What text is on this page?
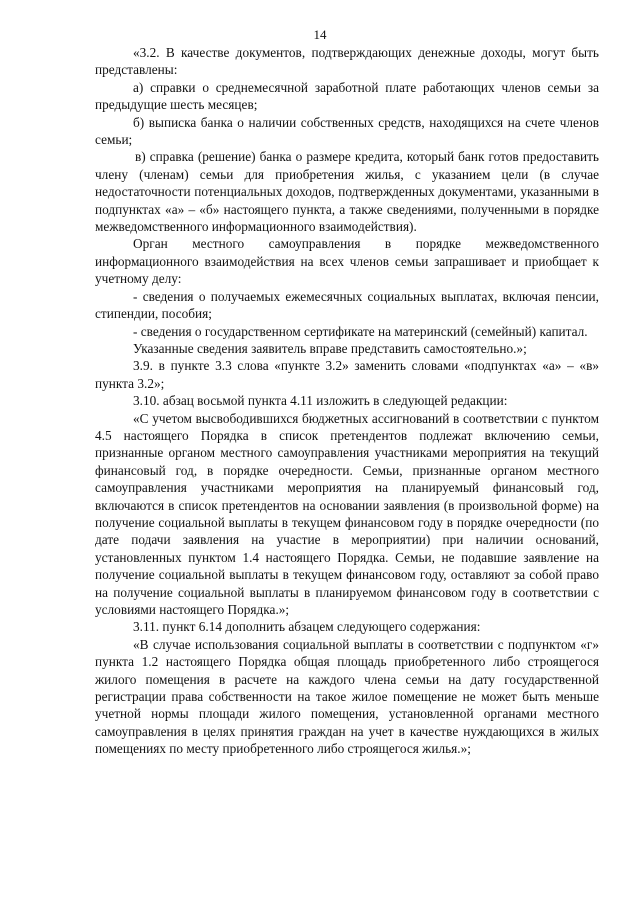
14

«3.2. В качестве документов, подтверждающих денежные доходы, могут быть представлены:

а) справки о среднемесячной заработной плате работающих членов семьи за предыдущие шесть месяцев;

б) выписка банка о наличии собственных средств, находящихся на счете членов семьи;

в) справка (решение) банка о размере кредита, который банк готов предоставить члену (членам) семьи для приобретения жилья, с указанием цели (в случае недостаточности потенциальных доходов, подтвержденных документами, указанными в подпунктах «а» – «б» настоящего пункта, а также сведениями, полученными в порядке межведомственного информационного взаимодействия).

Орган местного самоуправления в порядке межведомственного информационного взаимодействия на всех членов семьи запрашивает и приобщает к учетному делу:

- сведения о получаемых ежемесячных социальных выплатах, включая пенсии, стипендии, пособия;

- сведения о государственном сертификате на материнский (семейный) капитал.

Указанные сведения заявитель вправе представить самостоятельно.»;

3.9. в пункте 3.3 слова «пункте 3.2» заменить словами «подпунктах «а» – «в» пункта 3.2»;

3.10. абзац восьмой пункта 4.11 изложить в следующей редакции:

«С учетом высвободившихся бюджетных ассигнований в соответствии с пунктом 4.5 настоящего Порядка в список претендентов подлежат включению семьи, признанные органом местного самоуправления участниками мероприятия на текущий финансовый год, в порядке очередности. Семьи, признанные органом местного самоуправления участниками мероприятия на планируемый финансовый год, включаются в список претендентов на основании заявления (в произвольной форме) на получение социальной выплаты в текущем финансовом году в порядке очередности (по дате подачи заявления на участие в мероприятии) при наличии оснований, установленных пунктом 1.4 настоящего Порядка. Семьи, не подавшие заявление на получение социальной выплаты в текущем финансовом году, оставляют за собой право на получение социальной выплаты в планируемом финансовом году в соответствии с условиями настоящего Порядка.»;

3.11. пункт 6.14 дополнить абзацем следующего содержания:

«В случае использования социальной выплаты в соответствии с подпунктом «г» пункта 1.2 настоящего Порядка общая площадь приобретенного либо строящегося жилого помещения в расчете на каждого члена семьи на дату государственной регистрации права собственности на такое жилое помещение не может быть меньше учетной нормы площади жилого помещения, установленной органами местного самоуправления в целях принятия граждан на учет в качестве нуждающихся в жилых помещениях по месту приобретенного либо строящегося жилья.»;
